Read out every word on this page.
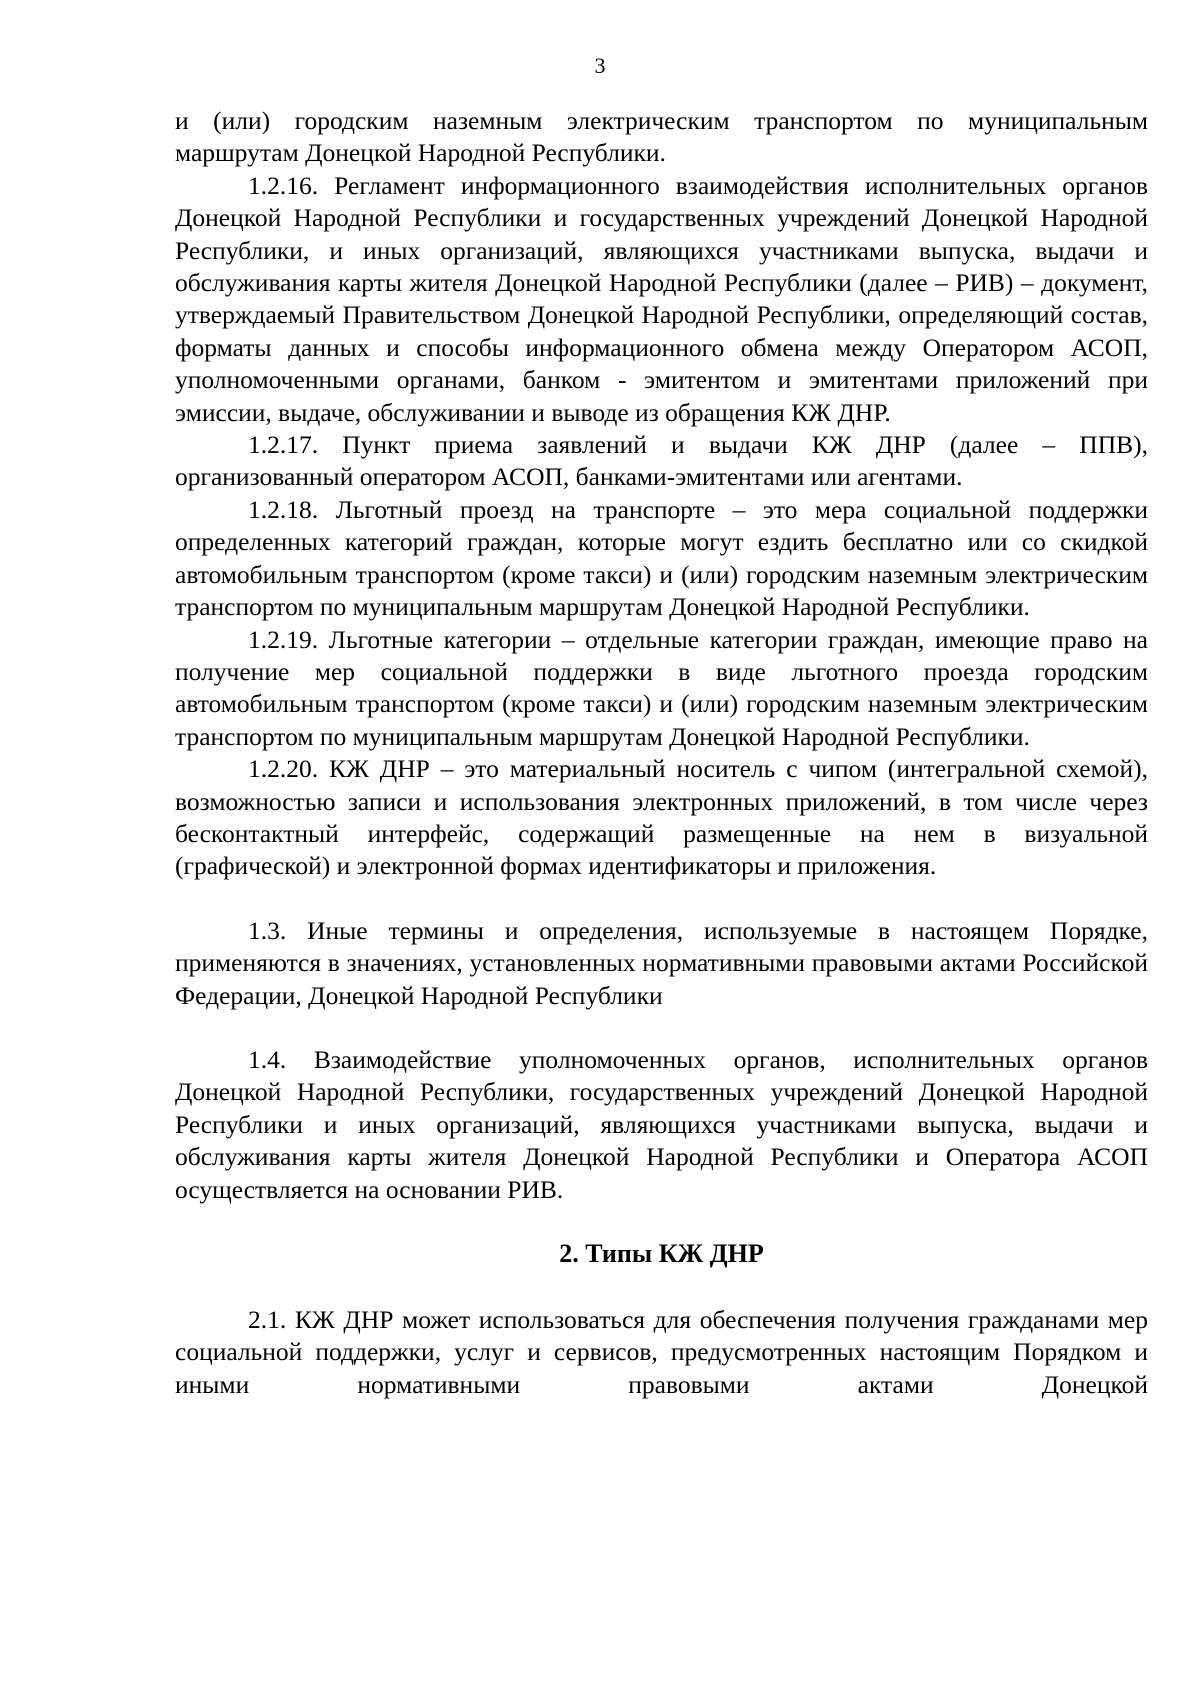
3

и (или) городским наземным электрическим транспортом по муниципальным маршрутам Донецкой Народной Республики.

1.2.16. Регламент информационного взаимодействия исполнительных органов Донецкой Народной Республики и государственных учреждений Донецкой Народной Республики, и иных организаций, являющихся участниками выпуска, выдачи и обслуживания карты жителя Донецкой Народной Республики (далее – РИВ) – документ, утверждаемый Правительством Донецкой Народной Республики, определяющий состав, форматы данных и способы информационного обмена между Оператором АСОП, уполномоченными органами, банком - эмитентом и эмитентами приложений при эмиссии, выдаче, обслуживании и выводе из обращения КЖ ДНР.

1.2.17. Пункт приема заявлений и выдачи КЖ ДНР (далее – ППВ), организованный оператором АСОП, банками-эмитентами или агентами.

1.2.18. Льготный проезд на транспорте – это мера социальной поддержки определенных категорий граждан, которые могут ездить бесплатно или со скидкой автомобильным транспортом (кроме такси) и (или) городским наземным электрическим транспортом по муниципальным маршрутам Донецкой Народной Республики.

1.2.19. Льготные категории – отдельные категории граждан, имеющие право на получение мер социальной поддержки в виде льготного проезда городским автомобильным транспортом (кроме такси) и (или) городским наземным электрическим транспортом по муниципальным маршрутам Донецкой Народной Республики.

1.2.20. КЖ ДНР – это материальный носитель с чипом (интегральной схемой), возможностью записи и использования электронных приложений, в том числе через бесконтактный интерфейс, содержащий размещенные на нем в визуальной (графической) и электронной формах идентификаторы и приложения.

1.3. Иные термины и определения, используемые в настоящем Порядке, применяются в значениях, установленных нормативными правовыми актами Российской Федерации, Донецкой Народной Республики

1.4. Взаимодействие уполномоченных органов, исполнительных органов Донецкой Народной Республики, государственных учреждений Донецкой Народной Республики и иных организаций, являющихся участниками выпуска, выдачи и обслуживания карты жителя Донецкой Народной Республики и Оператора АСОП осуществляется на основании РИВ.

2. Типы КЖ ДНР

2.1. КЖ ДНР может использоваться для обеспечения получения гражданами мер социальной поддержки, услуг и сервисов, предусмотренных настоящим Порядком и иными нормативными правовыми актами Донецкой
